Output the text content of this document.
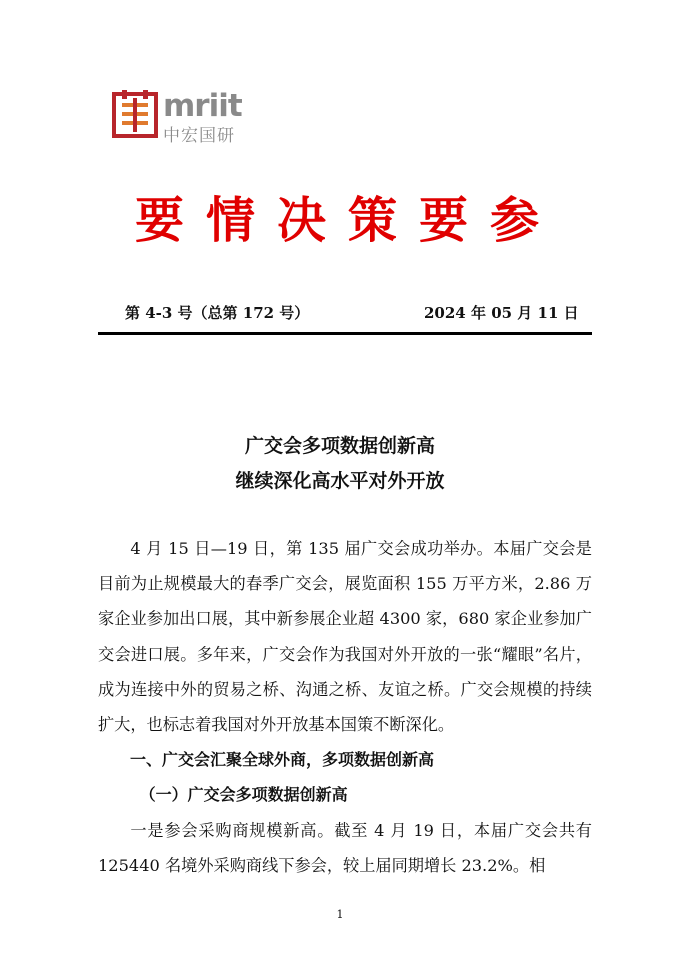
mriit
中宏国研
要情决策要参
第 4-3 号（总第 172 号）	2024 年 05 月 11 日
广交会多项数据创新高
继续深化高水平对外开放

4 月 15 日—19 日，第 135 届广交会成功举办。本届广交会是目前为止规模最大的春季广交会，展览面积 155 万平方米，2.86 万家企业参加出口展，其中新参展企业超 4300 家，680 家企业参加广交会进口展。多年来，广交会作为我国对外开放的一张“耀眼”名片，成为连接中外的贸易之桥、沟通之桥、友谊之桥。广交会规模的持续扩大，也标志着我国对外开放基本国策不断深化。

一、广交会汇聚全球外商，多项数据创新高

（一）广交会多项数据创新高

一是参会采购商规模新高。截至 4 月 19 日，本届广交会共有 125440 名境外采购商线下参会，较上届同期增长 23.2%。相

1
